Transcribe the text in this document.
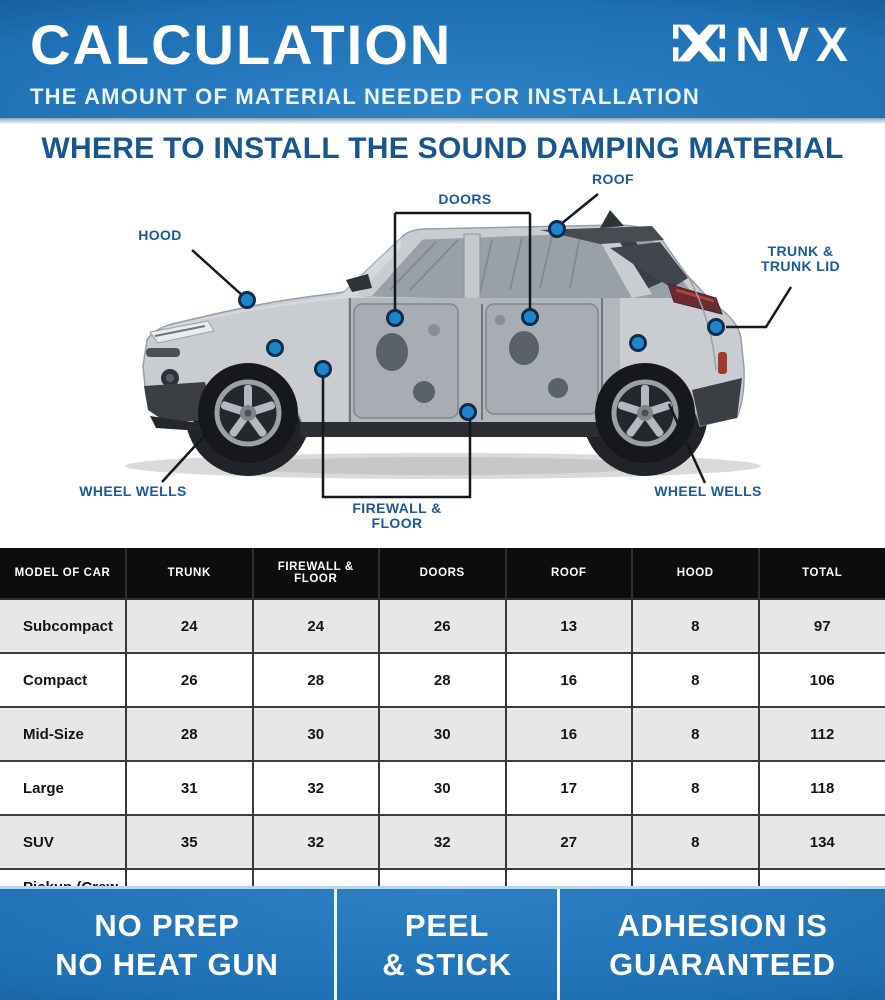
CALCULATION	NVX
THE AMOUNT OF MATERIAL NEEDED FOR INSTALLATION
WHERE TO INSTALL THE SOUND DAMPING MATERIAL
HOOD
DOORS
ROOF
TRUNK &
TRUNK LID
WHEEL WELLS
FIREWALL &
FLOOR
WHEEL WELLS
MODEL OF CAR	TRUNK	FIREWALL & FLOOR	DOORS	ROOF	HOOD	TOTAL
Subcompact	24	24	26	13	8	97
Compact	26	28	28	16	8	106
Mid-Size	28	30	30	16	8	112
Large	31	32	30	17	8	118
SUV	35	32	32	27	8	134

NO PREP
NO HEAT GUN
PEEL
& STICK
ADHESION IS
GUARANTEED
